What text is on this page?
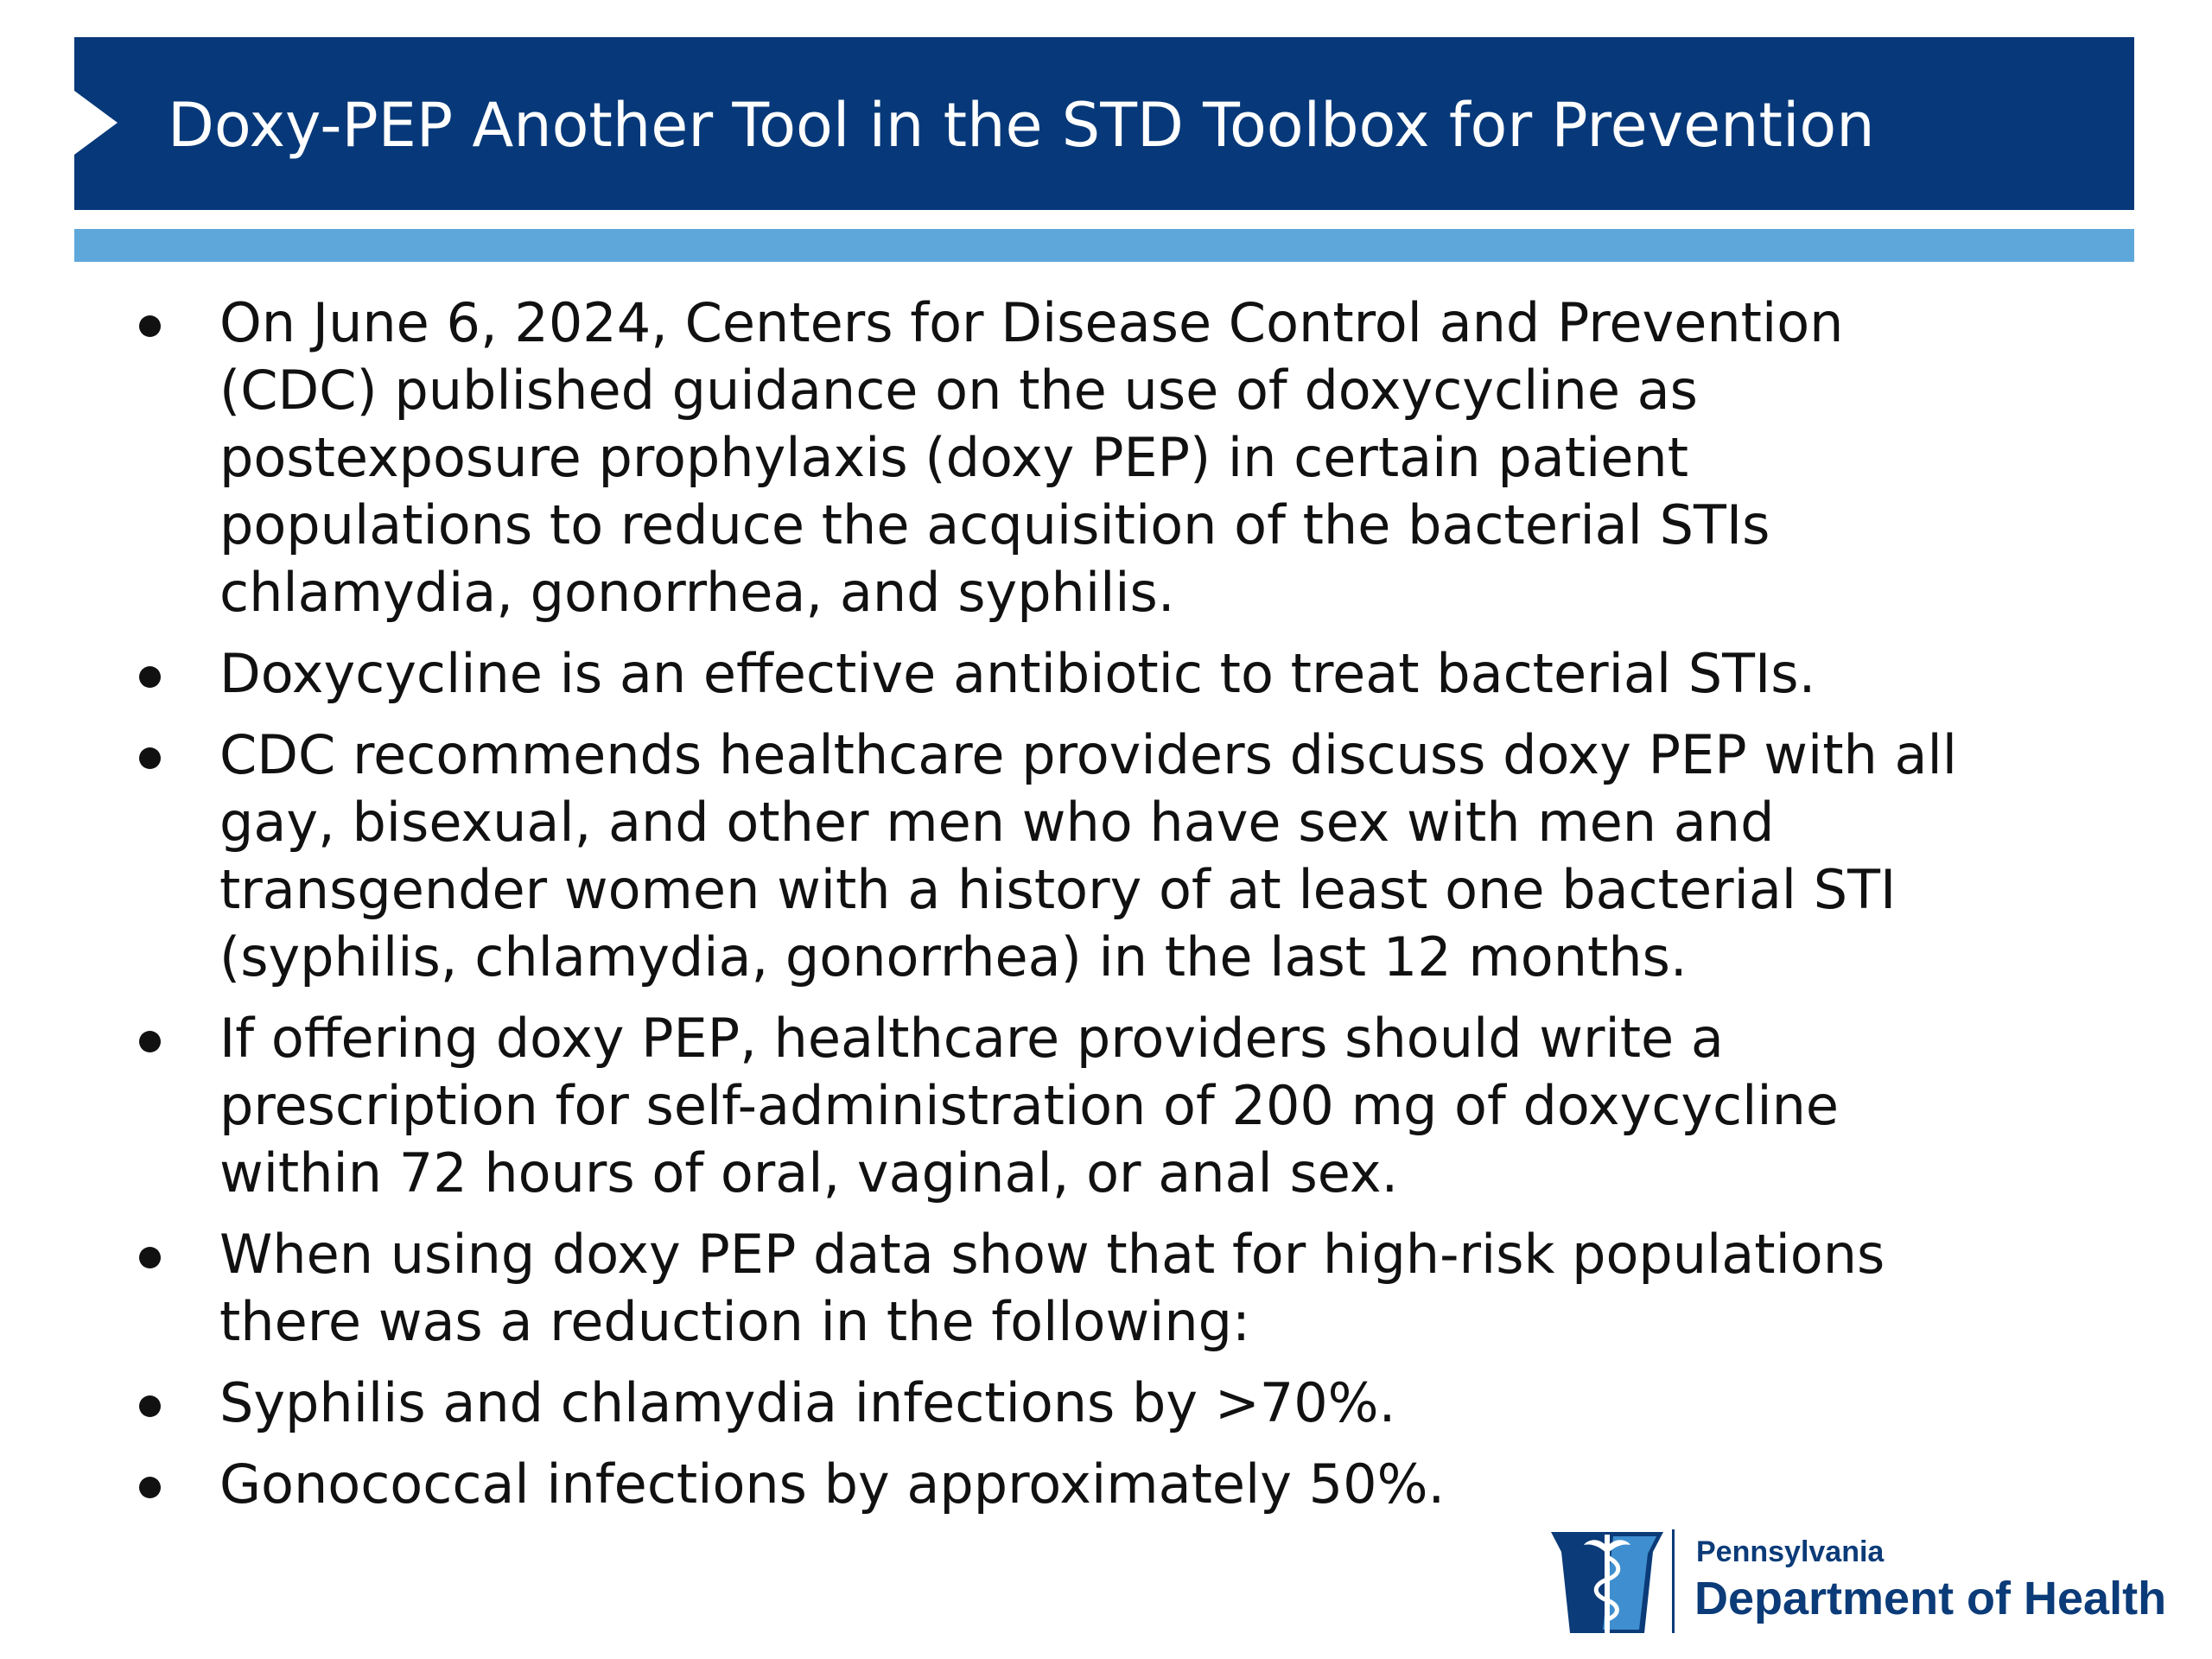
Doxy-PEP Another Tool in the STD Toolbox for Prevention
On June 6, 2024, Centers for Disease Control and Prevention
(CDC) published guidance on the use of doxycycline as
postexposure prophylaxis (doxy PEP) in certain patient
populations to reduce the acquisition of the bacterial STIs
chlamydia, gonorrhea, and syphilis.
Doxycycline is an effective antibiotic to treat bacterial STIs.
CDC recommends healthcare providers discuss doxy PEP with all
gay, bisexual, and other men who have sex with men and
transgender women with a history of at least one bacterial STI
(syphilis, chlamydia, gonorrhea) in the last 12 months.
If offering doxy PEP, healthcare providers should write a
prescription for self-administration of 200 mg of doxycycline
within 72 hours of oral, vaginal, or anal sex.
When using doxy PEP data show that for high-risk populations
there was a reduction in the following:
Syphilis and chlamydia infections by >70%.
Gonococcal infections by approximately 50%.
Pennsylvania
Department of Health
